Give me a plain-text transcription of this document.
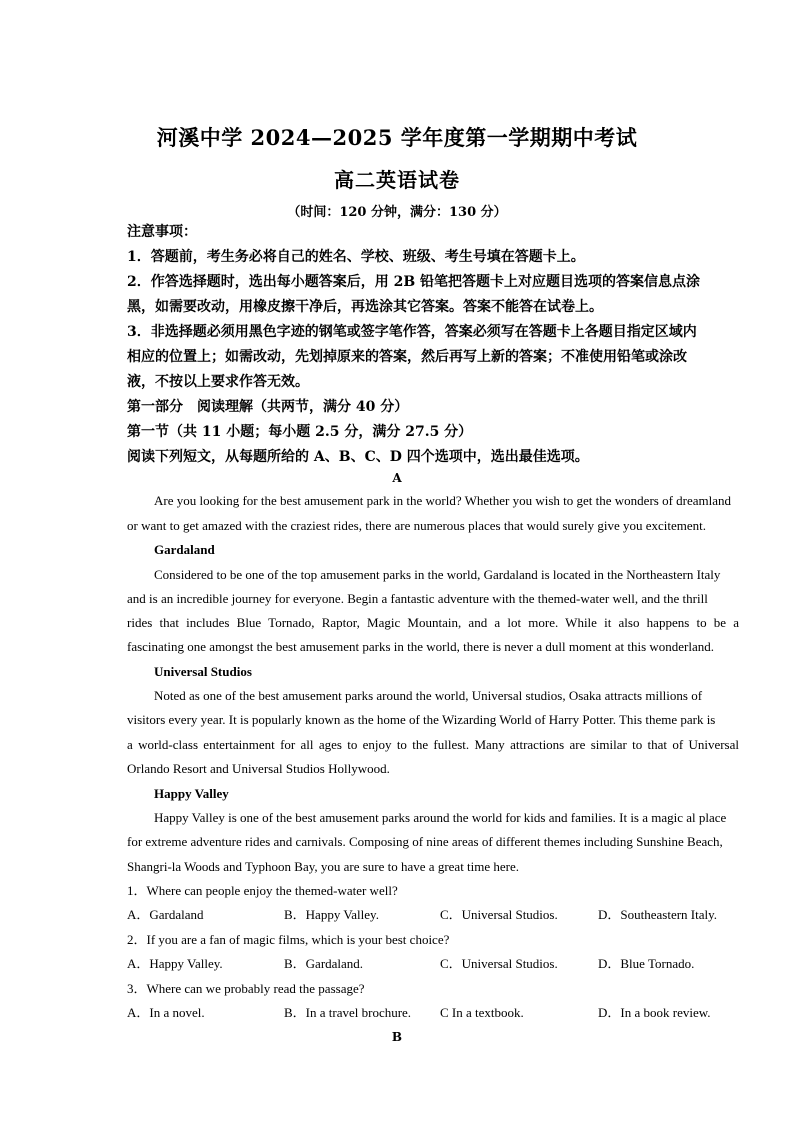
河溪中学 2024—2025 学年度第一学期期中考试
高二英语试卷
（时间：120 分钟，满分：130 分）
注意事项：
1．答题前，考生务必将自己的姓名、学校、班级、考生号填在答题卡上。
2．作答选择题时，选出每小题答案后，用 2B 铅笔把答题卡上对应题目选项的答案信息点涂
黑，如需要改动，用橡皮擦干净后，再选涂其它答案。答案不能答在试卷上。
3．非选择题必须用黑色字迹的钢笔或签字笔作答，答案必须写在答题卡上各题目指定区域内
相应的位置上；如需改动，先划掉原来的答案，然后再写上新的答案；不准使用铅笔或涂改
液，不按以上要求作答无效。
第一部分　阅读理解（共两节，满分 40 分）
第一节（共 11 小题；每小题 2.5 分，满分 27.5 分）
阅读下列短文，从每题所给的 A、B、C、D 四个选项中，选出最佳选项。
A
Are you looking for the best amusement park in the world? Whether you wish to get the wonders of dreamland
or want to get amazed with the craziest rides, there are numerous places that would surely give you excitement.
Gardaland
Considered to be one of the top amusement parks in the world, Gardaland is located in the Northeastern Italy
and is an incredible journey for everyone. Begin a fantastic adventure with the themed-water well, and the thrill
rides that includes Blue Tornado, Raptor, Magic Mountain, and a lot more. While it also happens to be a
fascinating one amongst the best amusement parks in the world, there is never a dull moment at this wonderland.
Universal Studios
Noted as one of the best amusement parks around the world, Universal studios, Osaka attracts millions of
visitors every year. It is popularly known as the home of the Wizarding World of Harry Potter. This theme park is
a world-class entertainment for all ages to enjoy to the fullest. Many attractions are similar to that of Universal
Orlando Resort and Universal Studios Hollywood.
Happy Valley
Happy Valley is one of the best amusement parks around the world for kids and families. It is a magic al place
for extreme adventure rides and carnivals. Composing of nine areas of different themes including Sunshine Beach,
Shangri-la Woods and Typhoon Bay, you are sure to have a great time here.
1．Where can people enjoy the themed-water well?
A．Gardaland	B．Happy Valley.	C．Universal Studios.	D．Southeastern Italy.
2．If you are a fan of magic films, which is your best choice?
A．Happy Valley.	B．Gardaland.	C．Universal Studios.	D．Blue Tornado.
3．Where can we probably read the passage?
A．In a novel.	B．In a travel brochure. C In a textbook.	D．In a book review.
B
